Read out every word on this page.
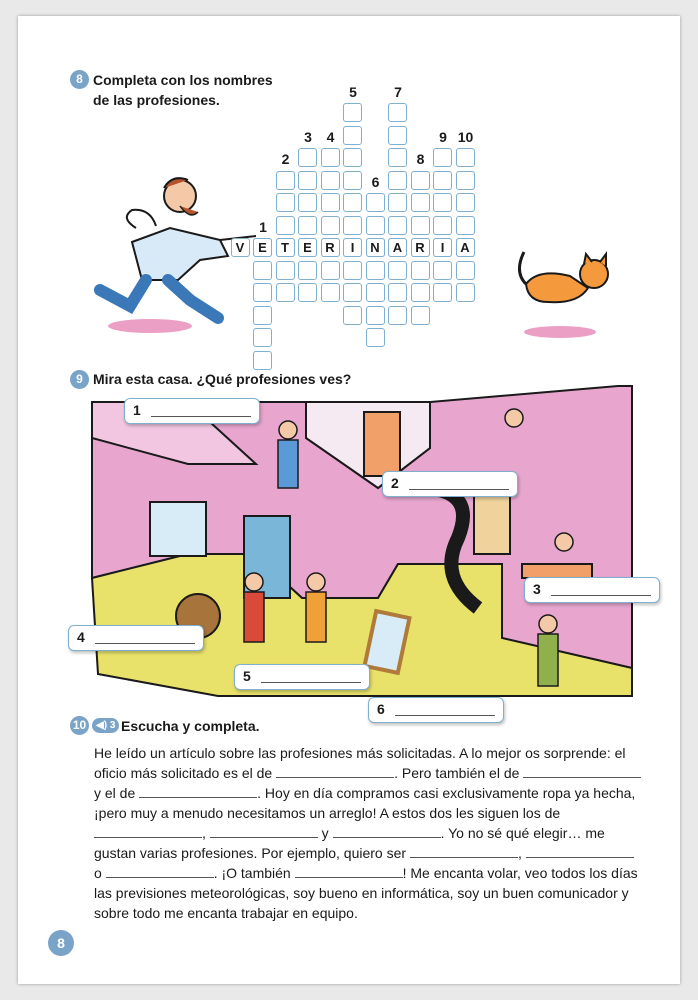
8 Completa con los nombres
de las profesiones.
9 Mira esta casa. ¿Qué profesiones ves?
1
2
3
4
5
6
10 ◀) 3 Escucha y completa.
He leído un artículo sobre las profesiones más solicitadas. A lo mejor os sorprende: el
oficio más solicitado es el de	. Pero también el de
y el de	. Hoy en día compramos casi exclusivamente ropa ya hecha,
¡pero muy a menudo necesitamos un arreglo! A estos dos les siguen los de
,	y	. Yo no sé qué elegir… me
gustan varias profesiones. Por ejemplo, quiero ser	,
o	. ¡O también	! Me encanta volar, veo todos los días
las previsiones meteorológicas, soy bueno en informática, soy un buen comunicador y
sobre todo me encanta trabajar en equipo.
8
V	E	T	E	R	I	N	A	R	I	A
1
2
3	4
5
6
7
8
9 10
